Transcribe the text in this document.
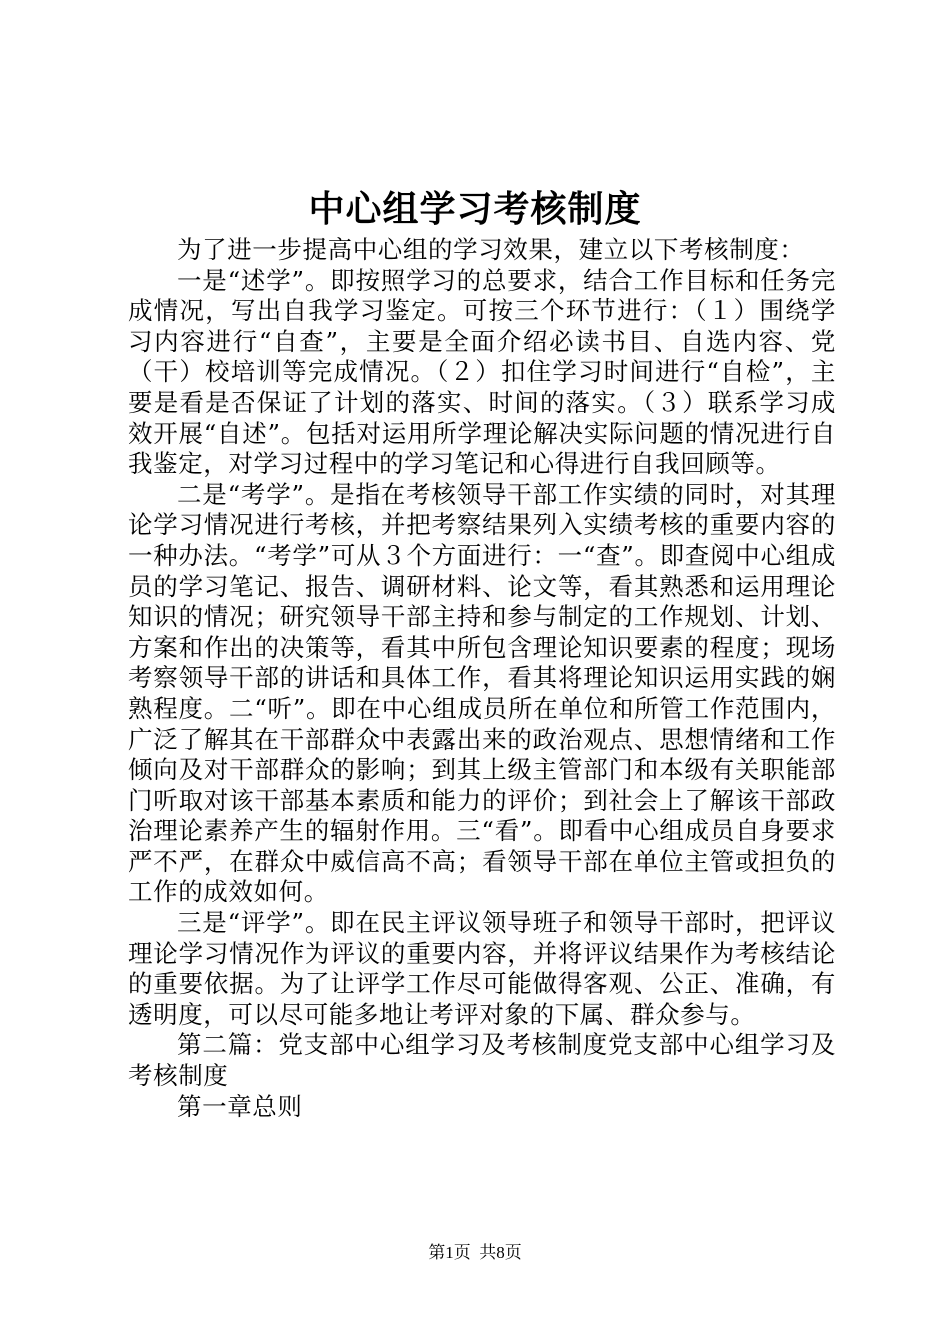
中心组学习考核制度

为了进一步提高中心组的学习效果，建立以下考核制度：

一是“述学”。即按照学习的总要求，结合工作目标和任务完成情况，写出自我学习鉴定。可按三个环节进行：（１）围绕学习内容进行“自查”，主要是全面介绍必读书目、自选内容、党（干）校培训等完成情况。（２）扣住学习时间进行“自检”，主要是看是否保证了计划的落实、时间的落实。（３）联系学习成效开展“自述”。包括对运用所学理论解决实际问题的情况进行自我鉴定，对学习过程中的学习笔记和心得进行自我回顾等。

二是“考学”。是指在考核领导干部工作实绩的同时，对其理论学习情况进行考核，并把考察结果列入实绩考核的重要内容的一种办法。“考学”可从３个方面进行：一“查”。即查阅中心组成员的学习笔记、报告、调研材料、论文等，看其熟悉和运用理论知识的情况；研究领导干部主持和参与制定的工作规划、计划、方案和作出的决策等，看其中所包含理论知识要素的程度；现场考察领导干部的讲话和具体工作，看其将理论知识运用实践的娴熟程度。二“听”。即在中心组成员所在单位和所管工作范围内，广泛了解其在干部群众中表露出来的政治观点、思想情绪和工作倾向及对干部群众的影响；到其上级主管部门和本级有关职能部门听取对该干部基本素质和能力的评价；到社会上了解该干部政治理论素养产生的辐射作用。三“看”。即看中心组成员自身要求严不严，在群众中威信高不高；看领导干部在单位主管或担负的工作的成效如何。

三是“评学”。即在民主评议领导班子和领导干部时，把评议理论学习情况作为评议的重要内容，并将评议结果作为考核结论的重要依据。为了让评学工作尽可能做得客观、公正、准确，有透明度，可以尽可能多地让考评对象的下属、群众参与。

第二篇：党支部中心组学习及考核制度党支部中心组学习及考核制度

第一章总则

第1页 共8页
